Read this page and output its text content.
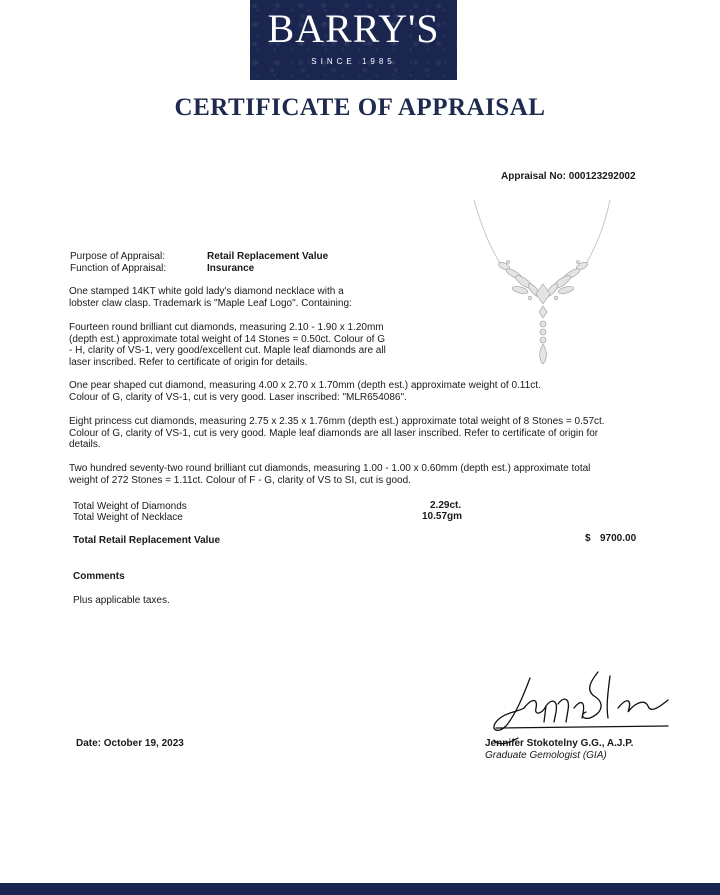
BARRY'S
SINCE 1985
CERTIFICATE OF APPRAISAL
Appraisal No: 000123292002
Purpose of Appraisal:	Retail Replacement Value
Function of Appraisal:	Insurance

One stamped 14KT white gold lady's diamond necklace with a lobster claw clasp. Trademark is "Maple Leaf Logo". Containing:

Fourteen round brilliant cut diamonds, measuring 2.10 - 1.90 x 1.20mm (depth est.) approximate total weight of 14 Stones = 0.50ct. Colour of G - H, clarity of VS-1, very good/excellent cut. Maple leaf diamonds are all laser inscribed. Refer to certificate of origin for details.

One pear shaped cut diamond, measuring 4.00 x 2.70 x 1.70mm (depth est.) approximate weight of 0.11ct. Colour of G, clarity of VS-1, cut is very good. Laser inscribed: "MLR654086".

Eight princess cut diamonds, measuring 2.75 x 2.35 x 1.76mm (depth est.) approximate total weight of 8 Stones = 0.57ct. Colour of G, clarity of VS-1, cut is very good. Maple leaf diamonds are all laser inscribed. Refer to certificate of origin for details.

Two hundred seventy-two round brilliant cut diamonds, measuring 1.00 - 1.00 x 0.60mm (depth est.) approximate total weight of 272 Stones = 1.11ct. Colour of F - G, clarity of VS to SI, cut is good.

Total Weight of Diamonds	2.29ct.
Total Weight of Necklace	10.57gm
Total Retail Replacement Value	$ 9700.00
Comments
Plus applicable taxes.
Date: October 19, 2023	Jennifer Stokotelny G.G., A.J.P.
Graduate Gemologist (GIA)
